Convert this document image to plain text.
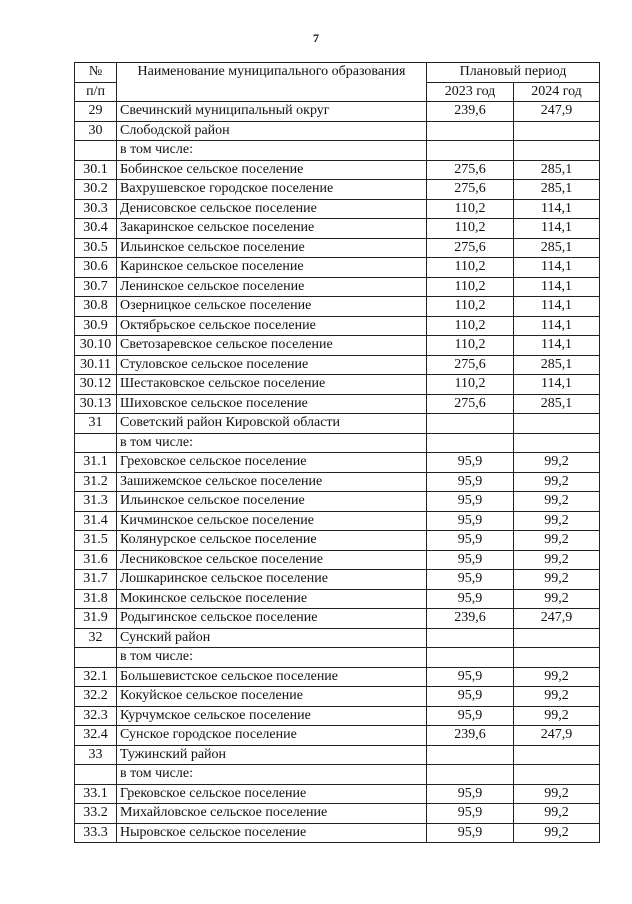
7
№	Наименование муниципального образования	Плановый период	
п/п		2023 год	2024 год
29	Свечинский муниципальный округ	239,6	247,9
30	Слободской район		
	в том числе:		
30.1	Бобинское сельское поселение	275,6	285,1
30.2	Вахрушевское городское поселение	275,6	285,1
30.3	Денисовское сельское поселение	110,2	114,1
30.4	Закаринское сельское поселение	110,2	114,1
30.5	Ильинское сельское поселение	275,6	285,1
30.6	Каринское сельское поселение	110,2	114,1
30.7	Ленинское сельское поселение	110,2	114,1
30.8	Озерницкое сельское поселение	110,2	114,1
30.9	Октябрьское сельское поселение	110,2	114,1
30.10	Светозаревское сельское поселение	110,2	114,1
30.11	Стуловское сельское поселение	275,6	285,1
30.12	Шестаковское сельское поселение	110,2	114,1
30.13	Шиховское сельское поселение	275,6	285,1
31	Советский район Кировской области		
	в том числе:		
31.1	Греховское сельское поселение	95,9	99,2
31.2	Зашижемское сельское поселение	95,9	99,2
31.3	Ильинское сельское поселение	95,9	99,2
31.4	Кичминское сельское поселение	95,9	99,2
31.5	Колянурское сельское поселение	95,9	99,2
31.6	Лесниковское сельское поселение	95,9	99,2
31.7	Лошкаринское сельское поселение	95,9	99,2
31.8	Мокинское сельское поселение	95,9	99,2
31.9	Родыгинское сельское поселение	239,6	247,9
32	Сунский район		
	в том числе:		
32.1	Большевистское сельское поселение	95,9	99,2
32.2	Кокуйское сельское поселение	95,9	99,2
32.3	Курчумское сельское поселение	95,9	99,2
32.4	Сунское городское поселение	239,6	247,9
33	Тужинский район		
	в том числе:		
33.1	Грековское сельское поселение	95,9	99,2
33.2	Михайловское сельское поселение	95,9	99,2
33.3	Ныровское сельское поселение	95,9	99,2
